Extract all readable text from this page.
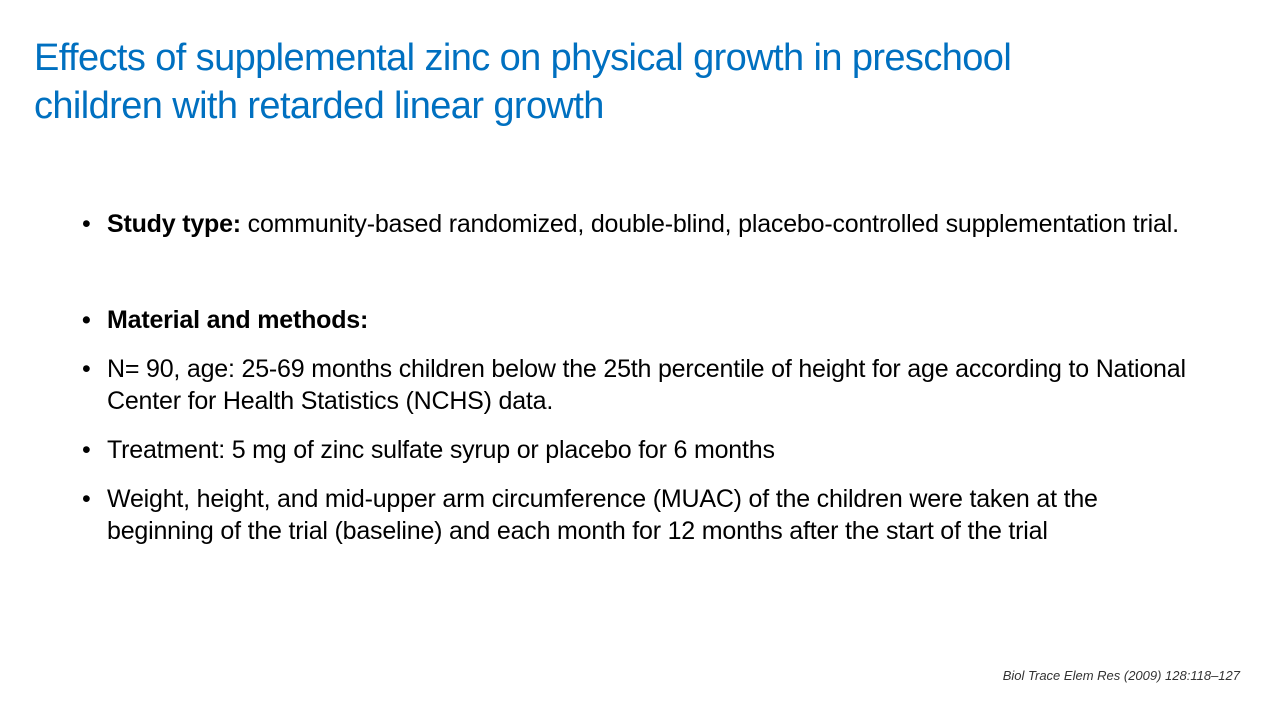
Effects of supplemental zinc on physical growth in preschool
children with retarded linear growth
• Study type: community-based randomized, double-blind, placebo-controlled supplementation trial.
• Material and methods:
• N= 90, age: 25-69 months children below the 25th percentile of height for age according to National Center for Health Statistics (NCHS) data.
• Treatment: 5 mg of zinc sulfate syrup or placebo for 6 months
• Weight, height, and mid-upper arm circumference (MUAC) of the children were taken at the beginning of the trial (baseline) and each month for 12 months after the start of the trial
Biol Trace Elem Res (2009) 128:118–127
